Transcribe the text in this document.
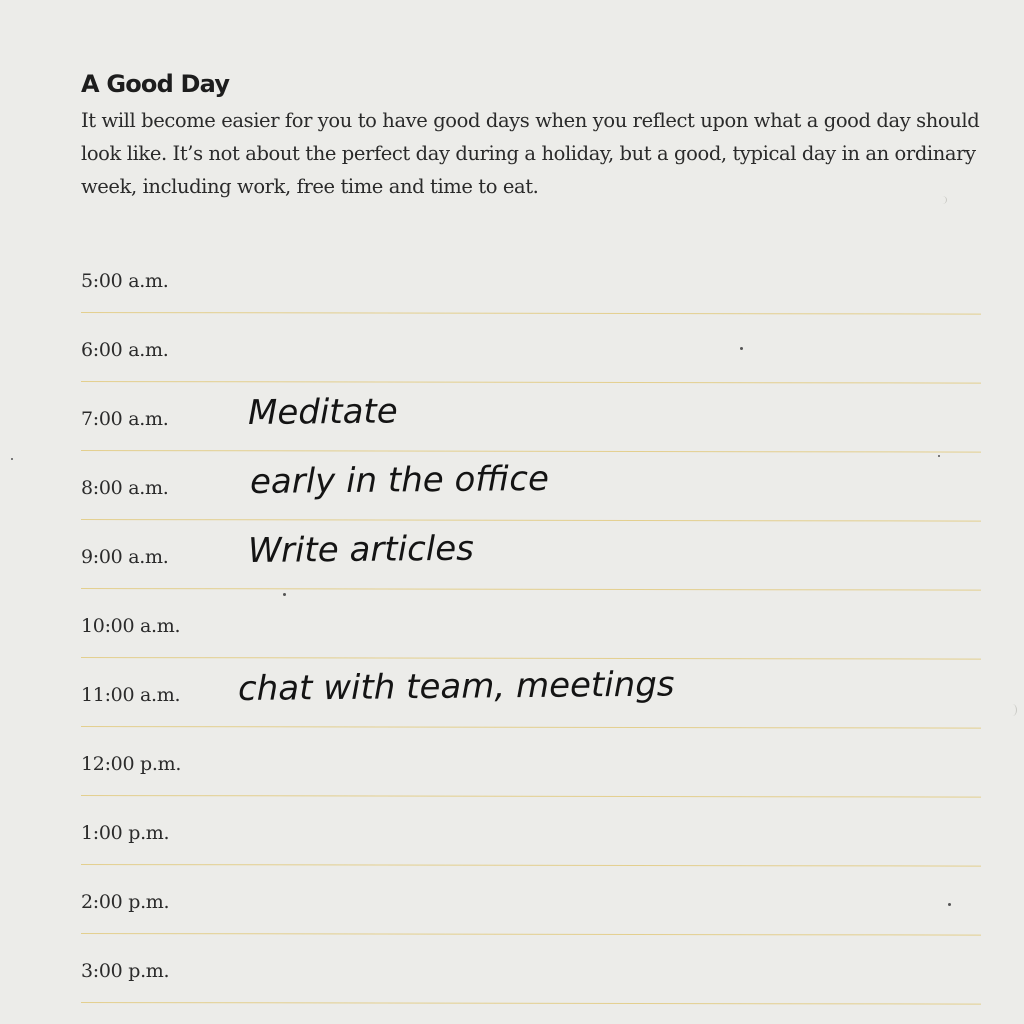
A Good Day

It will become easier for you to have good days when you reflect upon what a good day should look like. It’s not about the perfect day during a holiday, but a good, typical day in an ordinary week, including work, free time and time to eat.

5:00 a.m.
6:00 a.m.
7:00 a.m. Meditate
8:00 a.m. early in the office
9:00 a.m. Write articles
10:00 a.m.
11:00 a.m. chat with team, meetings
12:00 p.m.
1:00 p.m.
2:00 p.m.
3:00 p.m.
